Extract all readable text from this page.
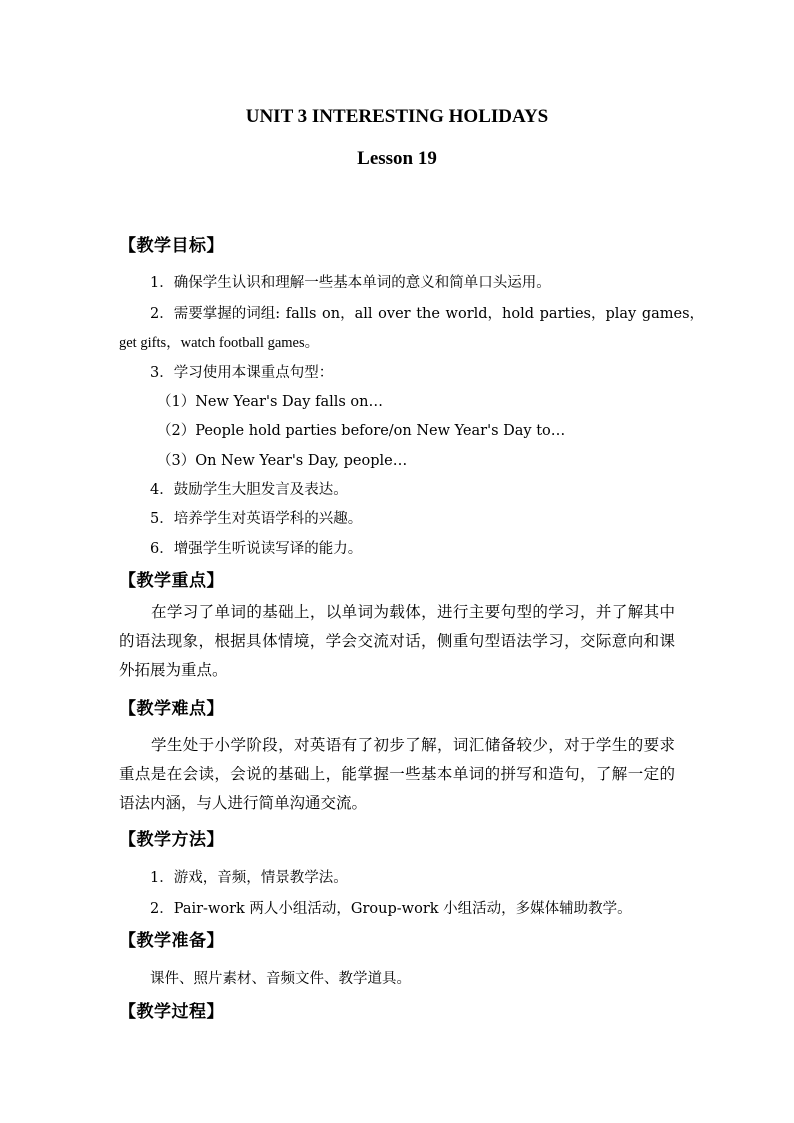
UNIT 3 INTERESTING HOLIDAYS
Lesson 19
【教学目标】
1．确保学生认识和理解一些基本单词的意义和简单口头运用。
2．需要掌握的词组: falls on，all over the world，hold parties，play games，
get gifts，watch football games。
3．学习使用本课重点句型：
（1）New Year's Day falls on…
（2）People hold parties before/on New Year's Day to…
（3）On New Year's Day, people…
4．鼓励学生大胆发言及表达。
5．培养学生对英语学科的兴趣。
6．增强学生听说读写译的能力。
【教学重点】
在学习了单词的基础上，以单词为载体，进行主要句型的学习，并了解其中的语法现象，根据具体情境，学会交流对话，侧重句型语法学习，交际意向和课外拓展为重点。
【教学难点】
学生处于小学阶段，对英语有了初步了解，词汇储备较少，对于学生的要求重点是在会读，会说的基础上，能掌握一些基本单词的拼写和造句，了解一定的语法内涵，与人进行简单沟通交流。
【教学方法】
1．游戏，音频，情景教学法。
2．Pair-work 两人小组活动，Group-work 小组活动，多媒体辅助教学。
【教学准备】
课件、照片素材、音频文件、教学道具。
【教学过程】
